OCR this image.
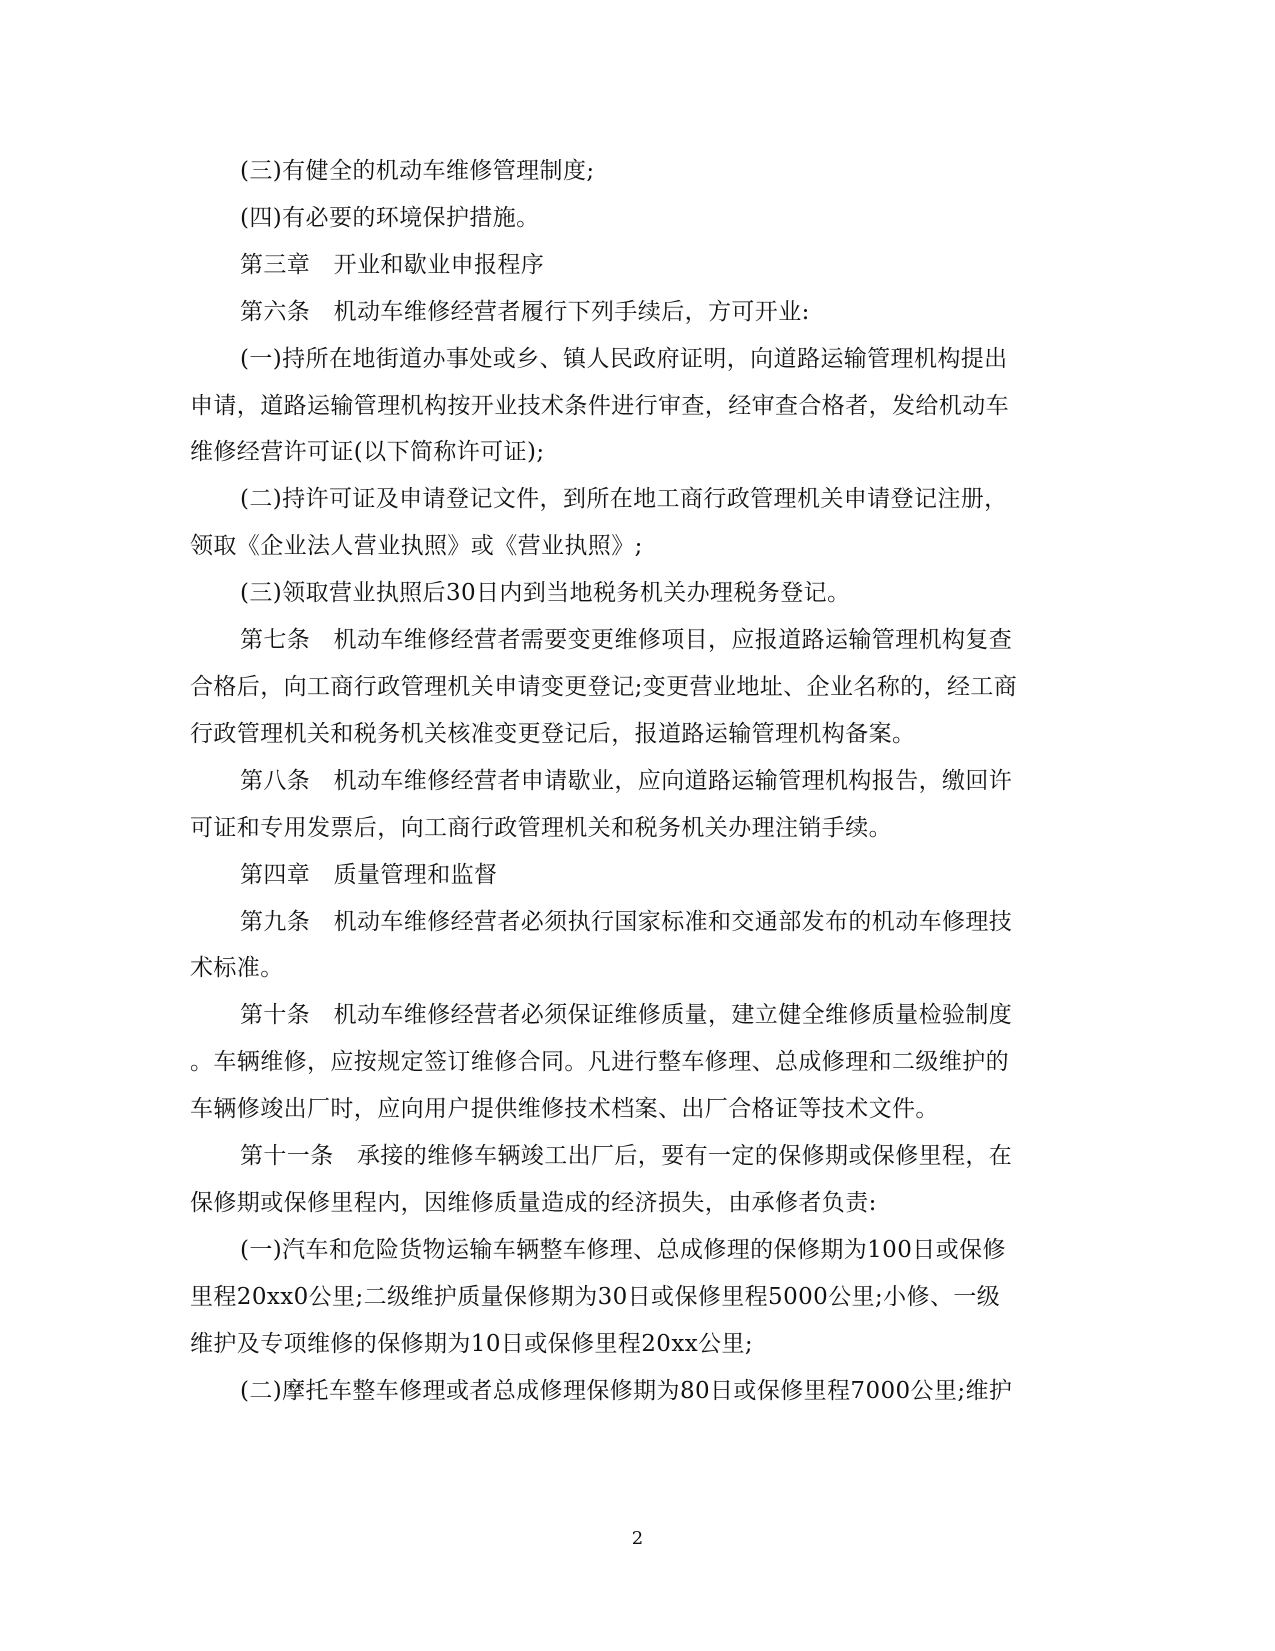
(三)有健全的机动车维修管理制度;
(四)有必要的环境保护措施。
第三章　开业和歇业申报程序
第六条　机动车维修经营者履行下列手续后，方可开业:
(一)持所在地街道办事处或乡、镇人民政府证明，向道路运输管理机构提出
申请，道路运输管理机构按开业技术条件进行审查，经审查合格者，发给机动车
维修经营许可证(以下简称许可证);
(二)持许可证及申请登记文件，到所在地工商行政管理机关申请登记注册，
领取《企业法人营业执照》或《营业执照》;
(三)领取营业执照后30日内到当地税务机关办理税务登记。
第七条　机动车维修经营者需要变更维修项目，应报道路运输管理机构复查
合格后，向工商行政管理机关申请变更登记;变更营业地址、企业名称的，经工商
行政管理机关和税务机关核准变更登记后，报道路运输管理机构备案。
第八条　机动车维修经营者申请歇业，应向道路运输管理机构报告，缴回许
可证和专用发票后，向工商行政管理机关和税务机关办理注销手续。
第四章　质量管理和监督
第九条　机动车维修经营者必须执行国家标准和交通部发布的机动车修理技
术标准。
第十条　机动车维修经营者必须保证维修质量，建立健全维修质量检验制度
。车辆维修，应按规定签订维修合同。凡进行整车修理、总成修理和二级维护的
车辆修竣出厂时，应向用户提供维修技术档案、出厂合格证等技术文件。
第十一条　承接的维修车辆竣工出厂后，要有一定的保修期或保修里程，在
保修期或保修里程内，因维修质量造成的经济损失，由承修者负责:
(一)汽车和危险货物运输车辆整车修理、总成修理的保修期为100日或保修
里程20xx0公里;二级维护质量保修期为30日或保修里程5000公里;小修、一级
维护及专项维修的保修期为10日或保修里程20xx公里;
(二)摩托车整车修理或者总成修理保修期为80日或保修里程7000公里;维护
2
